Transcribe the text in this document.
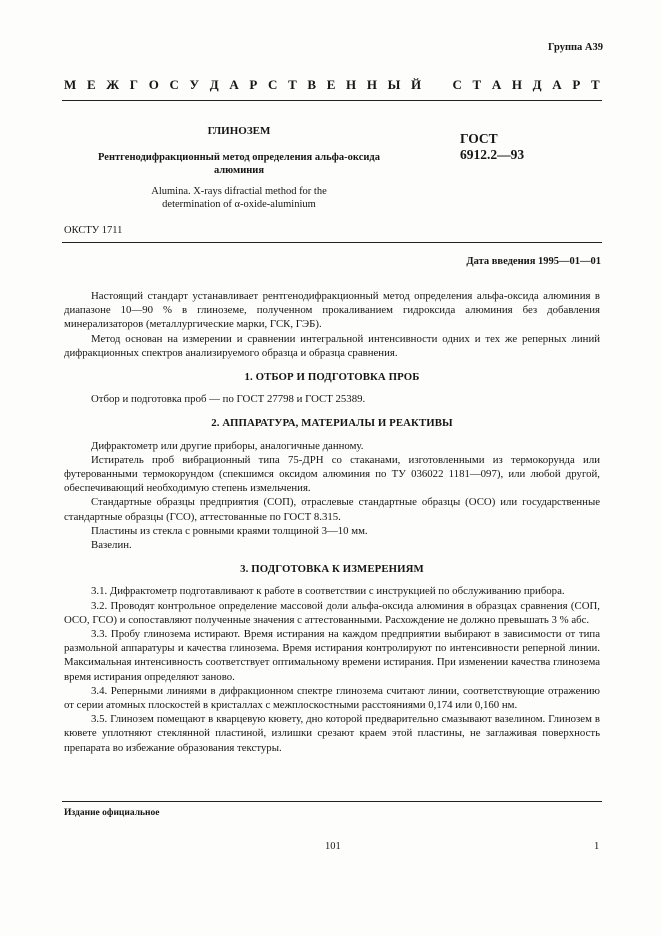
Группа А39
М Е Ж Г О С У Д А Р С Т В Е Н Н Ы Й С Т А Н Д А Р Т
ГЛИНОЗЕМ
Рентгенодифракционный метод определения альфа-оксида
алюминия
Alumina. X-rays difractial method for the
determination of α-oxide-aluminium
ГОСТ
6912.2—93
ОКСТУ 1711
Дата введения 1995—01—01

Настоящий стандарт устанавливает рентгенодифракционный метод определения альфа-оксида алюминия в диапазоне 10—90 % в глиноземе, полученном прокаливанием гидроксида алюминия без добавления минерализаторов (металлургические марки, ГСК, ГЭБ).

Метод основан на измерении и сравнении интегральной интенсивности одних и тех же реперных линий дифракционных спектров анализируемого образца и образца сравнения.

1. ОТБОР И ПОДГОТОВКА ПРОБ

Отбор и подготовка проб — по ГОСТ 27798 и ГОСТ 25389.

2. АППАРАТУРА, МАТЕРИАЛЫ И РЕАКТИВЫ

Дифрактометр или другие приборы, аналогичные данному.

Истиратель проб вибрационный типа 75-ДРН со стаканами, изготовленными из термокорунда или футерованными термокорундом (спекшимся оксидом алюминия по ТУ 036022 1181—097), или любой другой, обеспечивающий необходимую степень измельчения.

Стандартные образцы предприятия (СОП), отраслевые стандартные образцы (ОСО) или государственные стандартные образцы (ГСО), аттестованные по ГОСТ 8.315.

Пластины из стекла с ровными краями толщиной 3—10 мм.

Вазелин.

3. ПОДГОТОВКА К ИЗМЕРЕНИЯМ

3.1. Дифрактометр подготавливают к работе в соответствии с инструкцией по обслуживанию прибора.

3.2. Проводят контрольное определение массовой доли альфа-оксида алюминия в образцах сравнения (СОП, ОСО, ГСО) и сопоставляют полученные значения с аттестованными. Расхождение не должно превышать 3 % абс.

3.3. Пробу глинозема истирают. Время истирания на каждом предприятии выбирают в зависимости от типа размольной аппаратуры и качества глинозема. Время истирания контролируют по интенсивности реперной линии. Максимальная интенсивность соответствует оптимальному времени истирания. При изменении качества глинозема время истирания определяют заново.

3.4. Реперными линиями в дифракционном спектре глинозема считают линии, соответствующие отражению от серии атомных плоскостей в кристаллах с межплоскостными расстояниями 0,174 или 0,160 нм.

3.5. Глинозем помещают в кварцевую кювету, дно которой предварительно смазывают вазелином. Глинозем в кювете уплотняют стеклянной пластиной, излишки срезают краем этой пластины, не заглаживая поверхность препарата во избежание образования текстуры.

Издание официальное
101	1
